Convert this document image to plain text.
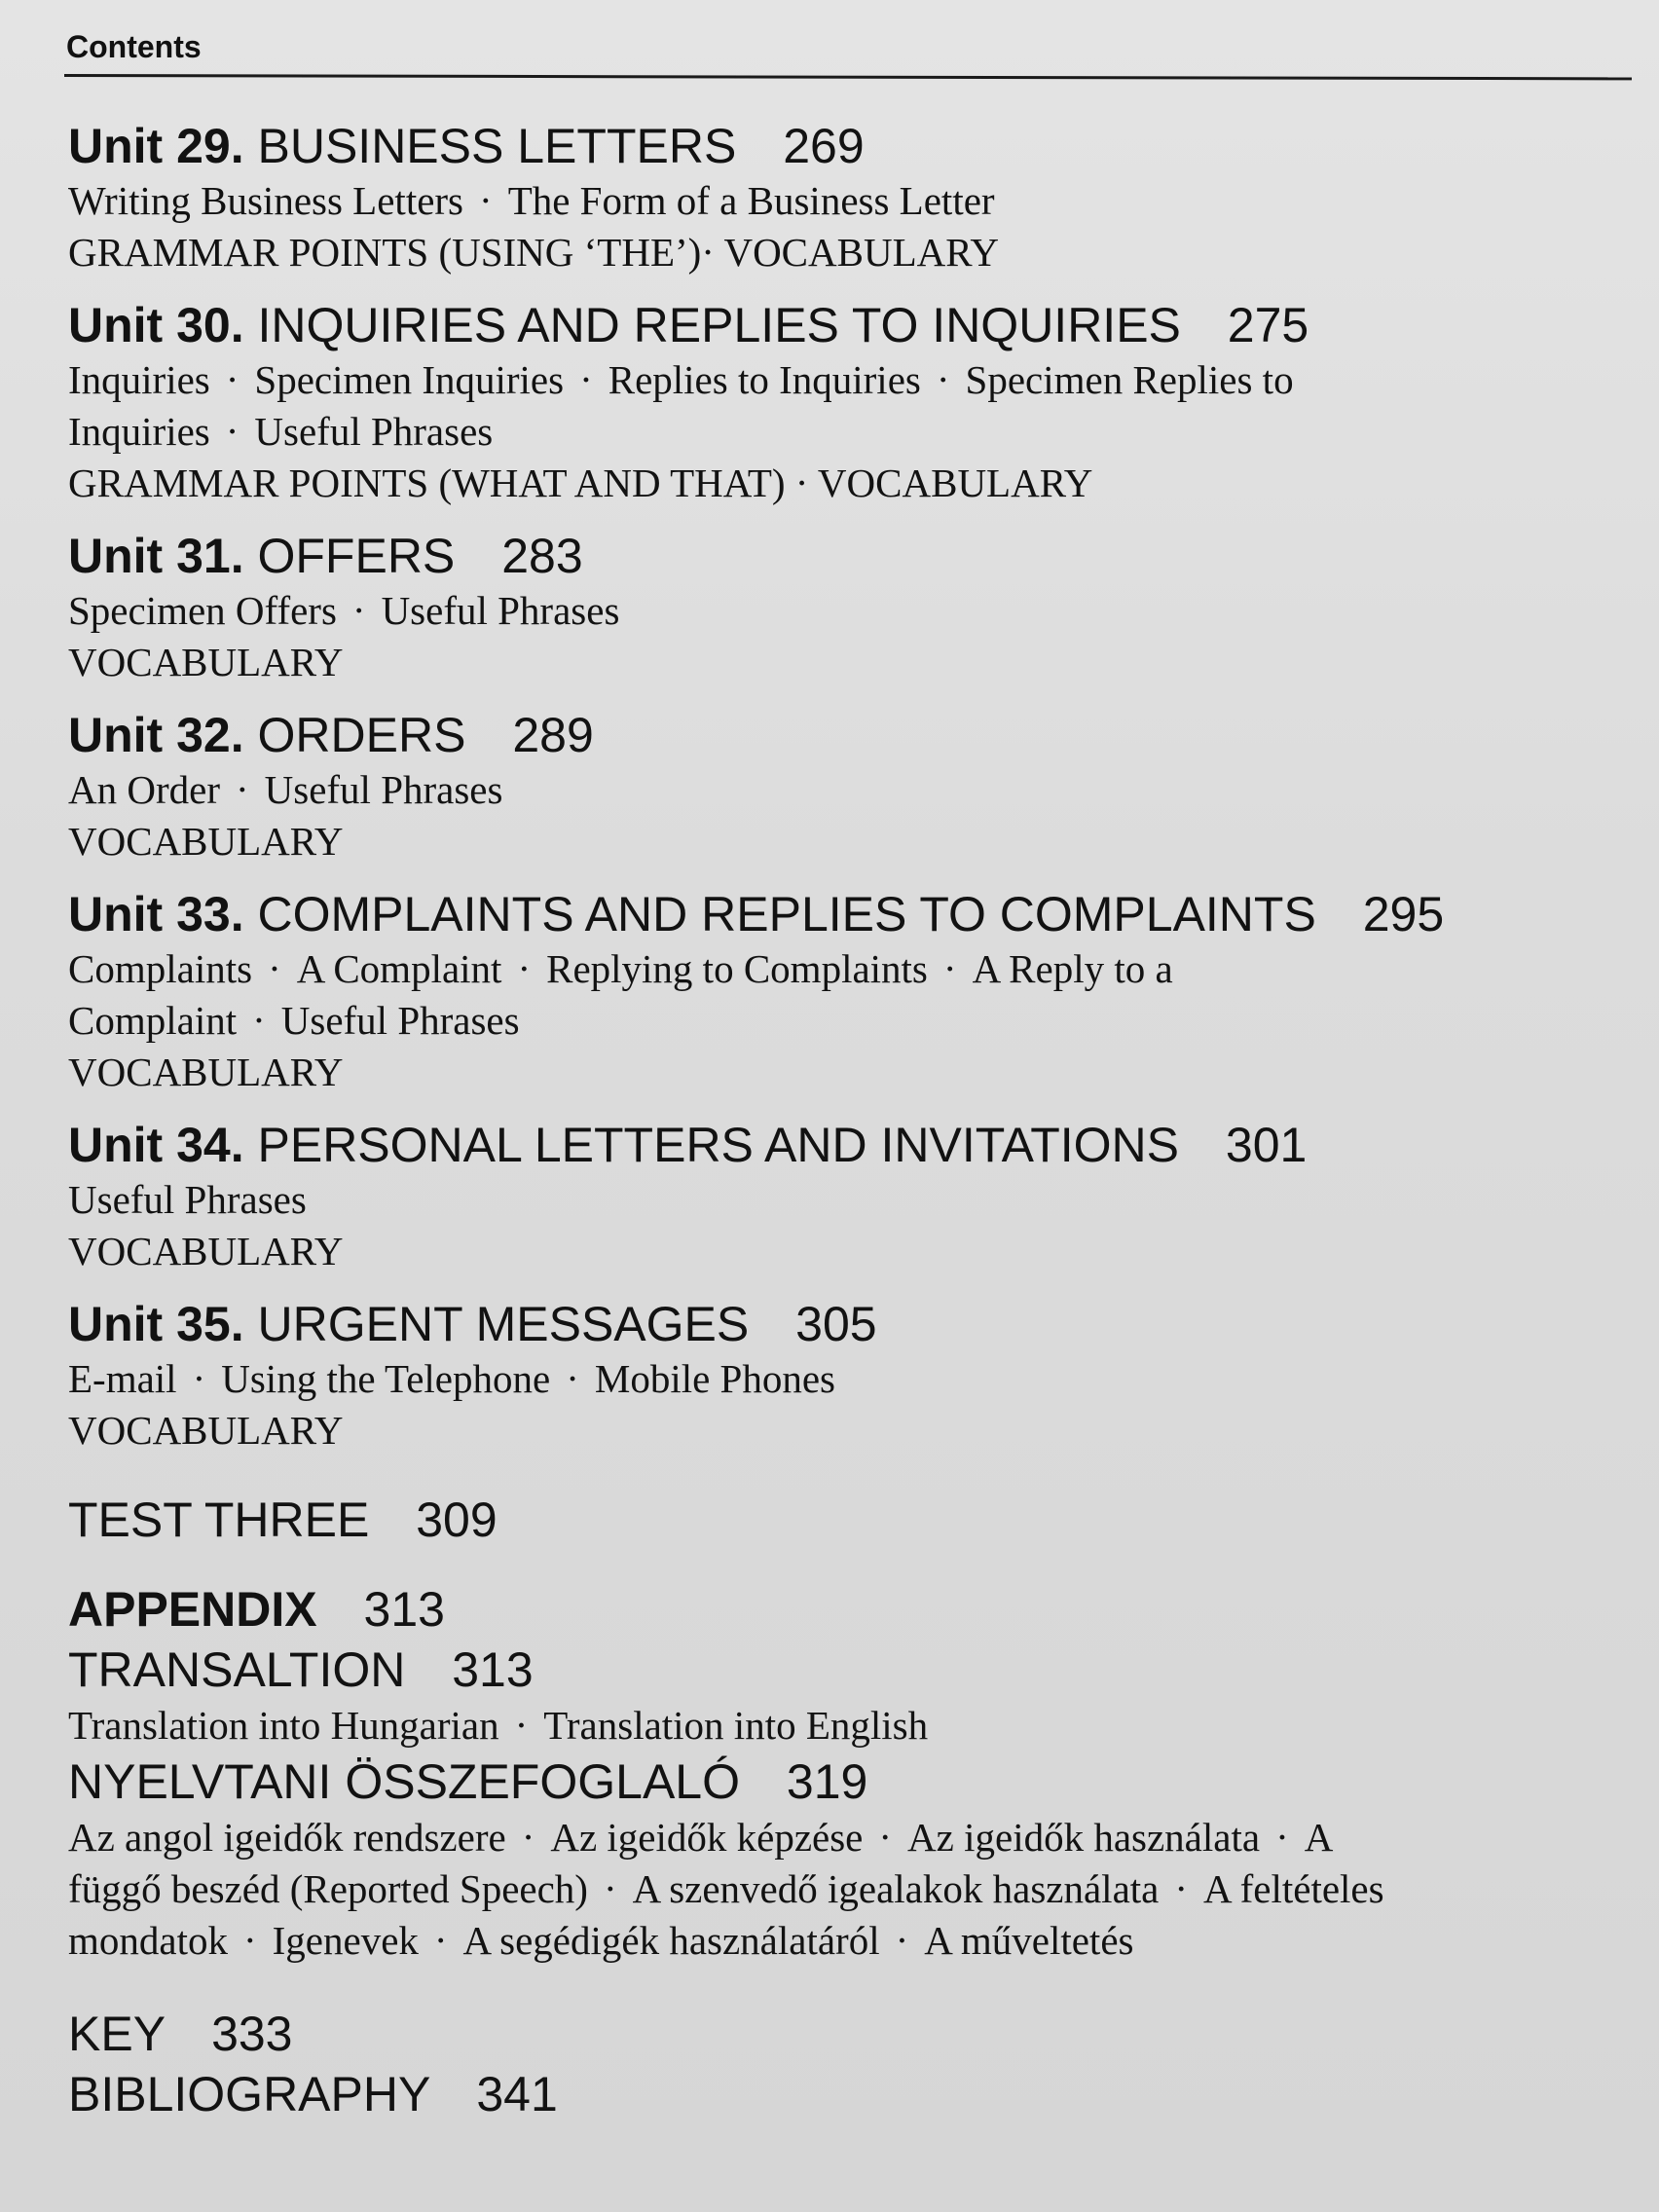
Contents
Unit 29. BUSINESS LETTERS 269
Writing Business Letters · The Form of a Business Letter
GRAMMAR POINTS (USING ‘THE’)· VOCABULARY
Unit 30. INQUIRIES AND REPLIES TO INQUIRIES 275
Inquiries · Specimen Inquiries · Replies to Inquiries · Specimen Replies to
Inquiries · Useful Phrases
GRAMMAR POINTS (WHAT AND THAT) · VOCABULARY
Unit 31. OFFERS 283
Specimen Offers · Useful Phrases
VOCABULARY
Unit 32. ORDERS 289
An Order · Useful Phrases
VOCABULARY
Unit 33. COMPLAINTS AND REPLIES TO COMPLAINTS 295
Complaints · A Complaint · Replying to Complaints · A Reply to a
Complaint · Useful Phrases
VOCABULARY
Unit 34. PERSONAL LETTERS AND INVITATIONS 301
Useful Phrases
VOCABULARY
Unit 35. URGENT MESSAGES 305
E-mail · Using the Telephone · Mobile Phones
VOCABULARY
TEST THREE 309
APPENDIX 313
TRANSALTION 313
Translation into Hungarian · Translation into English
NYELVTANI ÖSSZEFOGLALÓ 319
Az angol igeidők rendszere · Az igeidők képzése · Az igeidők használata · A
függő beszéd (Reported Speech) · A szenvedő igealakok használata · A feltételes
mondatok · Igenevek · A segédigék használatáról · A műveltetés
KEY 333
BIBLIOGRAPHY 341
